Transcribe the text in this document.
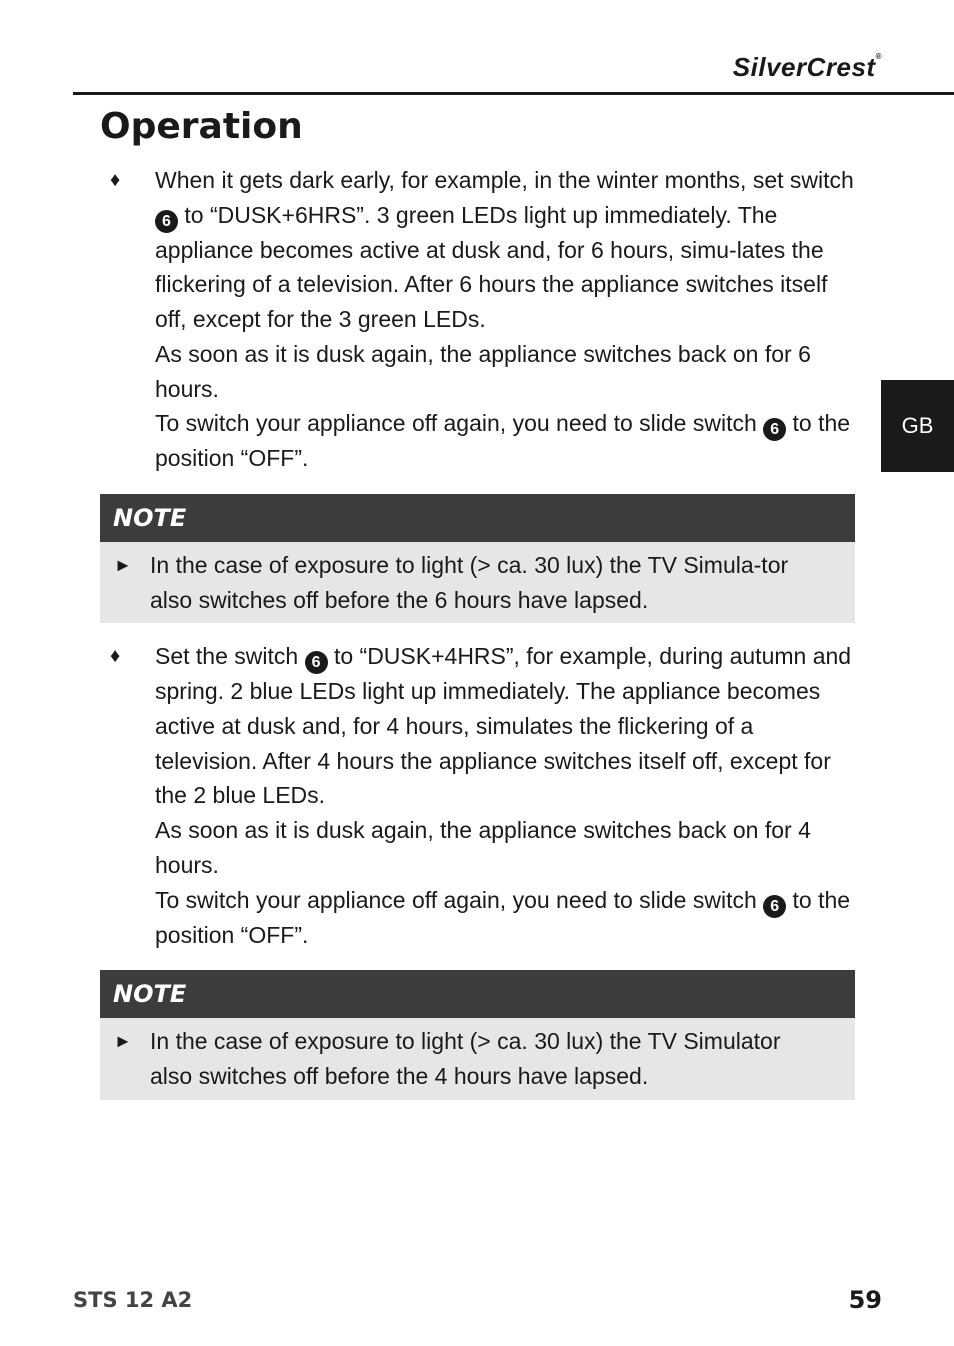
SilverCrest®
Operation
GB
♦ When it gets dark early, for example, in the winter months, set switch 6 to “DUSK+6HRS”. 3 green LEDs light up immediately. The appliance becomes active at dusk and, for 6 hours, simu-lates the flickering of a television. After 6 hours the appliance switches itself off, except for the 3 green LEDs.

As soon as it is dusk again, the appliance switches back on for 6 hours.

To switch your appliance off again, you need to slide switch 6 to the position “OFF”.

NOTE
► In the case of exposure to light (> ca. 30 lux) the TV Simula-tor also switches off before the 6 hours have lapsed.
♦ Set the switch 6 to “DUSK+4HRS”, for example, during autumn and spring. 2 blue LEDs light up immediately. The appliance becomes active at dusk and, for 4 hours, simulates the flickering of a television. After 4 hours the appliance switches itself off, except for the 2 blue LEDs.

As soon as it is dusk again, the appliance switches back on for 4 hours.

To switch your appliance off again, you need to slide switch 6 to the position “OFF”.

NOTE
► In the case of exposure to light (> ca. 30 lux) the TV Simulator also switches off before the 4 hours have lapsed.
STS 12 A2	59
